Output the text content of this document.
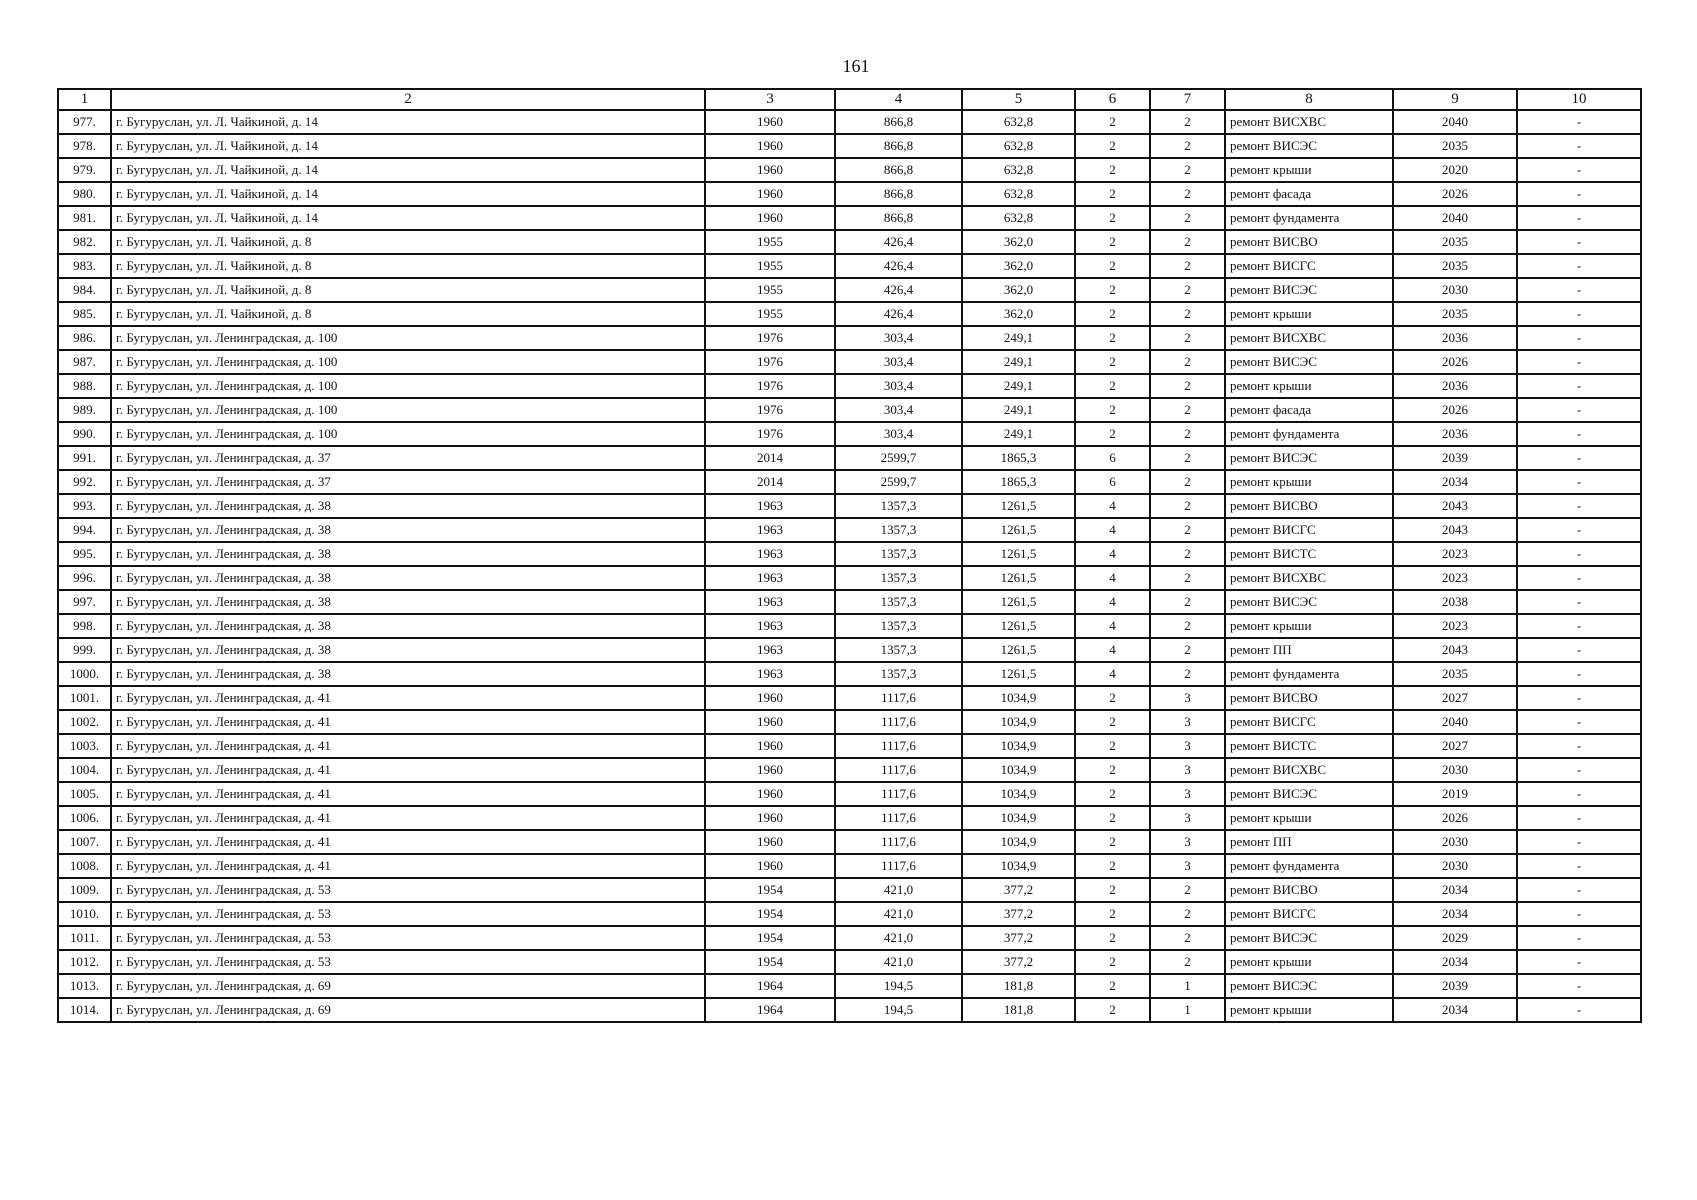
161
1	2	3	4	5	6	7	8	9	10
977.	г. Бугуруслан, ул. Л. Чайкиной, д. 14	1960	866,8	632,8	2	2	ремонт ВИСХВС	2040	-
978.	г. Бугуруслан, ул. Л. Чайкиной, д. 14	1960	866,8	632,8	2	2	ремонт ВИСЭС	2035	-
979.	г. Бугуруслан, ул. Л. Чайкиной, д. 14	1960	866,8	632,8	2	2	ремонт крыши	2020	-
980.	г. Бугуруслан, ул. Л. Чайкиной, д. 14	1960	866,8	632,8	2	2	ремонт фасада	2026	-
981.	г. Бугуруслан, ул. Л. Чайкиной, д. 14	1960	866,8	632,8	2	2	ремонт фундамента	2040	-
982.	г. Бугуруслан, ул. Л. Чайкиной, д. 8	1955	426,4	362,0	2	2	ремонт ВИСВО	2035	-
983.	г. Бугуруслан, ул. Л. Чайкиной, д. 8	1955	426,4	362,0	2	2	ремонт ВИСГС	2035	-
984.	г. Бугуруслан, ул. Л. Чайкиной, д. 8	1955	426,4	362,0	2	2	ремонт ВИСЭС	2030	-
985.	г. Бугуруслан, ул. Л. Чайкиной, д. 8	1955	426,4	362,0	2	2	ремонт крыши	2035	-
986.	г. Бугуруслан, ул. Ленинградская, д. 100	1976	303,4	249,1	2	2	ремонт ВИСХВС	2036	-
987.	г. Бугуруслан, ул. Ленинградская, д. 100	1976	303,4	249,1	2	2	ремонт ВИСЭС	2026	-
988.	г. Бугуруслан, ул. Ленинградская, д. 100	1976	303,4	249,1	2	2	ремонт крыши	2036	-
989.	г. Бугуруслан, ул. Ленинградская, д. 100	1976	303,4	249,1	2	2	ремонт фасада	2026	-
990.	г. Бугуруслан, ул. Ленинградская, д. 100	1976	303,4	249,1	2	2	ремонт фундамента	2036	-
991.	г. Бугуруслан, ул. Ленинградская, д. 37	2014	2599,7	1865,3	6	2	ремонт ВИСЭС	2039	-
992.	г. Бугуруслан, ул. Ленинградская, д. 37	2014	2599,7	1865,3	6	2	ремонт крыши	2034	-
993.	г. Бугуруслан, ул. Ленинградская, д. 38	1963	1357,3	1261,5	4	2	ремонт ВИСВО	2043	-
994.	г. Бугуруслан, ул. Ленинградская, д. 38	1963	1357,3	1261,5	4	2	ремонт ВИСГС	2043	-
995.	г. Бугуруслан, ул. Ленинградская, д. 38	1963	1357,3	1261,5	4	2	ремонт ВИСТС	2023	-
996.	г. Бугуруслан, ул. Ленинградская, д. 38	1963	1357,3	1261,5	4	2	ремонт ВИСХВС	2023	-
997.	г. Бугуруслан, ул. Ленинградская, д. 38	1963	1357,3	1261,5	4	2	ремонт ВИСЭС	2038	-
998.	г. Бугуруслан, ул. Ленинградская, д. 38	1963	1357,3	1261,5	4	2	ремонт крыши	2023	-
999.	г. Бугуруслан, ул. Ленинградская, д. 38	1963	1357,3	1261,5	4	2	ремонт ПП	2043	-
1000.	г. Бугуруслан, ул. Ленинградская, д. 38	1963	1357,3	1261,5	4	2	ремонт фундамента	2035	-
1001.	г. Бугуруслан, ул. Ленинградская, д. 41	1960	1117,6	1034,9	2	3	ремонт ВИСВО	2027	-
1002.	г. Бугуруслан, ул. Ленинградская, д. 41	1960	1117,6	1034,9	2	3	ремонт ВИСГС	2040	-
1003.	г. Бугуруслан, ул. Ленинградская, д. 41	1960	1117,6	1034,9	2	3	ремонт ВИСТС	2027	-
1004.	г. Бугуруслан, ул. Ленинградская, д. 41	1960	1117,6	1034,9	2	3	ремонт ВИСХВС	2030	-
1005.	г. Бугуруслан, ул. Ленинградская, д. 41	1960	1117,6	1034,9	2	3	ремонт ВИСЭС	2019	-
1006.	г. Бугуруслан, ул. Ленинградская, д. 41	1960	1117,6	1034,9	2	3	ремонт крыши	2026	-
1007.	г. Бугуруслан, ул. Ленинградская, д. 41	1960	1117,6	1034,9	2	3	ремонт ПП	2030	-
1008.	г. Бугуруслан, ул. Ленинградская, д. 41	1960	1117,6	1034,9	2	3	ремонт фундамента	2030	-
1009.	г. Бугуруслан, ул. Ленинградская, д. 53	1954	421,0	377,2	2	2	ремонт ВИСВО	2034	-
1010.	г. Бугуруслан, ул. Ленинградская, д. 53	1954	421,0	377,2	2	2	ремонт ВИСГС	2034	-
1011.	г. Бугуруслан, ул. Ленинградская, д. 53	1954	421,0	377,2	2	2	ремонт ВИСЭС	2029	-
1012.	г. Бугуруслан, ул. Ленинградская, д. 53	1954	421,0	377,2	2	2	ремонт крыши	2034	-
1013.	г. Бугуруслан, ул. Ленинградская, д. 69	1964	194,5	181,8	2	1	ремонт ВИСЭС	2039	-
1014.	г. Бугуруслан, ул. Ленинградская, д. 69	1964	194,5	181,8	2	1	ремонт крыши	2034	-
